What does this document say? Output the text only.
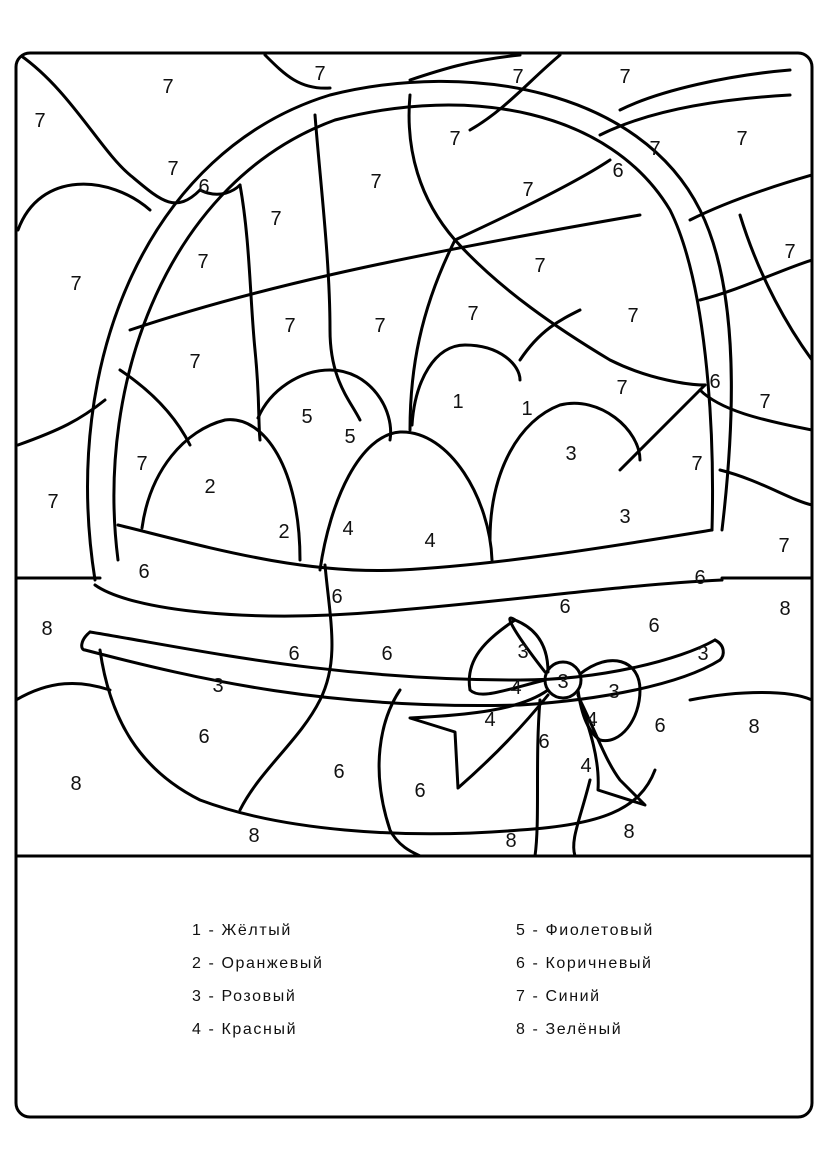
7
7	7	7
7
7	7	7
7
6	7	7
6
7
7
7	7
7
7	7
7	7
7
6
7
7
1	1
5
5
3
7	7
2
7
3
2	4
4	7
6	6
6	6	8
8	6
3
6	6	3
3
3	4	3
4	4	6	8
6	6
4
6
8	6
8
8	8
1 - Жёлтый
2 - Оранжевый
3 - Розовый
4 - Красный
5 - Фиолетовый
6 - Коричневый
7 - Синий
8 - Зелёный
